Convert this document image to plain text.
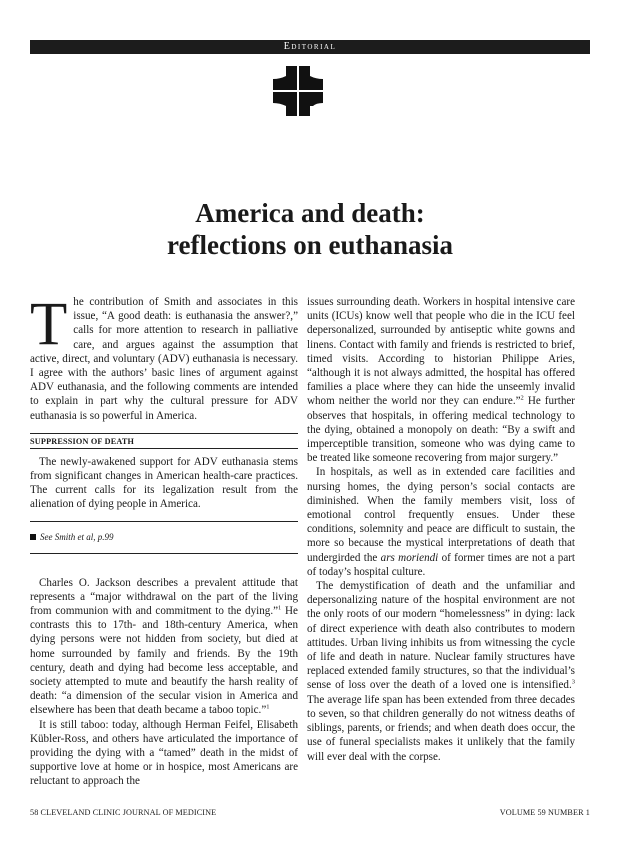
Editorial
America and death:
reflections on euthanasia

The contribution of Smith and associates in this issue, “A good death: is euthanasia the answer?,” calls for more attention to research in palliative care, and argues against the assumption that active, direct, and voluntary (ADV) euthanasia is necessary. I agree with the authors’ basic lines of argument against ADV euthanasia, and the following comments are intended to explain in part why the cultural pressure for ADV euthanasia is so powerful in America.

SUPPRESSION OF DEATH

The newly-awakened support for ADV euthanasia stems from significant changes in American health-care practices. The current calls for its legalization result from the alienation of dying people in America.

See Smith et al, p.99

Charles O. Jackson describes a prevalent attitude that represents a “major withdrawal on the part of the living from communion with and commitment to the dying.”$^1$ He contrasts this to 17th- and 18th-century America, when dying persons were not hidden from society, but died at home surrounded by family and friends. By the 19th century, death and dying had become less acceptable, and society attempted to mute and beautify the harsh reality of death: “a dimension of the secular vision in America and elsewhere has been that death became a taboo topic.”$^1$

It is still taboo: today, although Herman Feifel, Elisabeth Kübler-Ross, and others have articulated the importance of providing the dying with a “tamed” death in the midst of supportive love at home or in hospice, most Americans are reluctant to approach the

issues surrounding death. Workers in hospital intensive care units (ICUs) know well that people who die in the ICU feel depersonalized, surrounded by antiseptic white gowns and linens. Contact with family and friends is restricted to brief, timed visits. According to historian Philippe Aries, “although it is not always admitted, the hospital has offered families a place where they can hide the unseemly invalid whom neither the world nor they can endure.”$^2$ He further observes that hospitals, in offering medical technology to the dying, obtained a monopoly on death: “By a swift and imperceptible transition, someone who was dying came to be treated like someone recovering from major surgery.”

In hospitals, as well as in extended care facilities and nursing homes, the dying person’s social contacts are diminished. When the family members visit, loss of emotional control frequently ensues. Under these conditions, solemnity and peace are difficult to sustain, the more so because the mystical interpretations of death that undergirded the ars moriendi of former times are not a part of today’s hospital culture.

The demystification of death and the unfamiliar and depersonalizing nature of the hospital environment are not the only roots of our modern “homelessness” in dying: lack of direct experience with death also contributes to modern attitudes. Urban living inhibits us from witnessing the cycle of life and death in nature. Nuclear family structures have replaced extended family structures, so that the individual’s sense of loss over the death of a loved one is intensified.$^3$ The average life span has been extended from three decades to seven, so that children generally do not witness deaths of siblings, parents, or friends; and when death does occur, the use of funeral specialists makes it unlikely that the family will ever deal with the corpse.

58 CLEVELAND CLINIC JOURNAL OF MEDICINE	VOLUME 59 NUMBER 1
